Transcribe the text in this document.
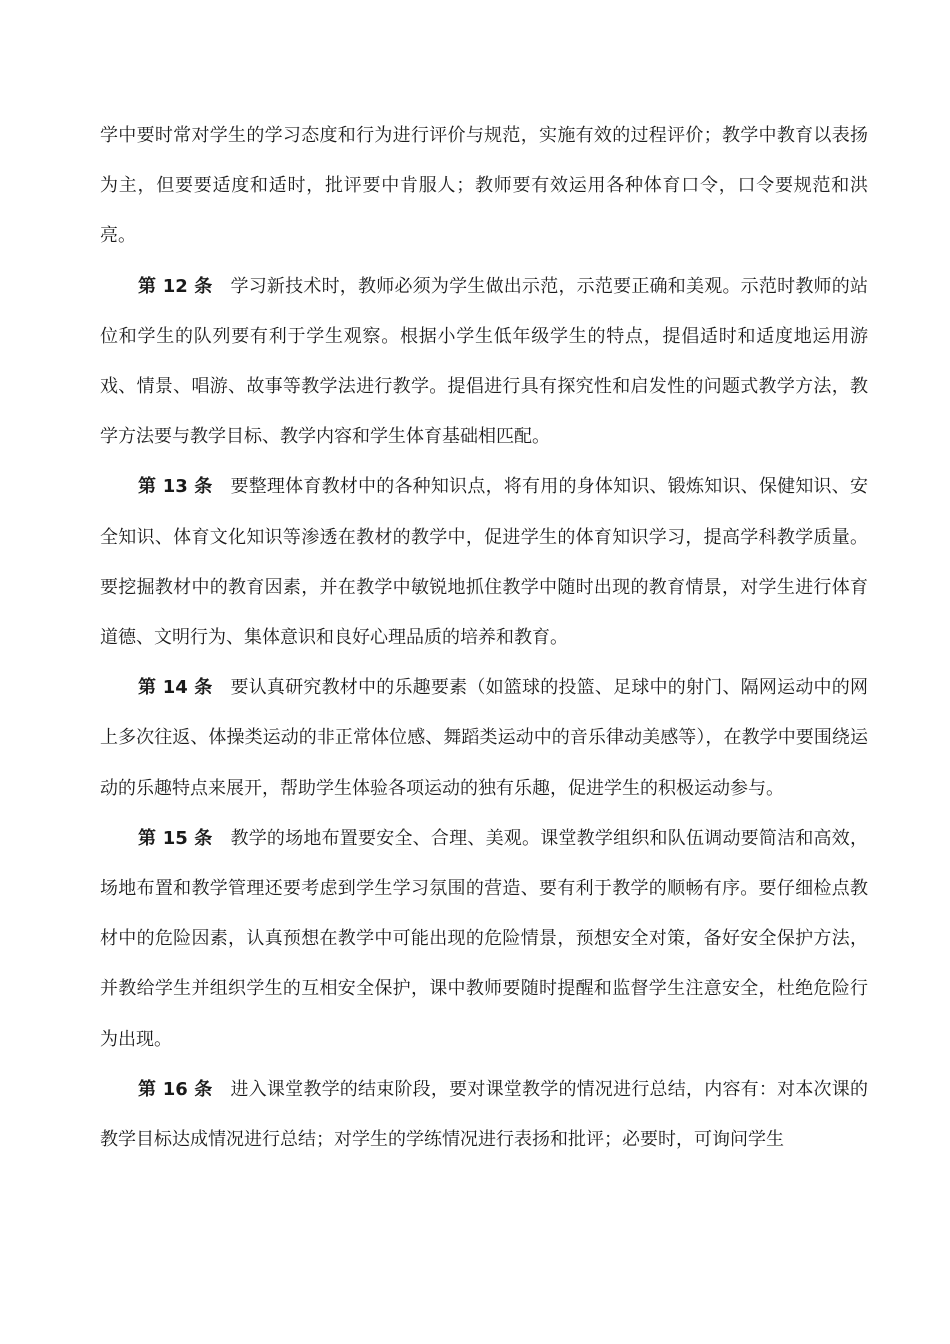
学中要时常对学生的学习态度和行为进行评价与规范，实施有效的过程评价；教学中教育以表扬为主，但要要适度和适时，批评要中肯服人；教师要有效运用各种体育口令，口令要规范和洪亮。

第 12 条 学习新技术时，教师必须为学生做出示范，示范要正确和美观。示范时教师的站位和学生的队列要有利于学生观察。根据小学生低年级学生的特点，提倡适时和适度地运用游戏、情景、唱游、故事等教学法进行教学。提倡进行具有探究性和启发性的问题式教学方法，教学方法要与教学目标、教学内容和学生体育基础相匹配。

第 13 条 要整理体育教材中的各种知识点，将有用的身体知识、锻炼知识、保健知识、安全知识、体育文化知识等渗透在教材的教学中，促进学生的体育知识学习，提高学科教学质量。要挖掘教材中的教育因素，并在教学中敏锐地抓住教学中随时出现的教育情景，对学生进行体育道德、文明行为、集体意识和良好心理品质的培养和教育。

第 14 条 要认真研究教材中的乐趣要素（如篮球的投篮、足球中的射门、隔网运动中的网上多次往返、体操类运动的非正常体位感、舞蹈类运动中的音乐律动美感等），在教学中要围绕运动的乐趣特点来展开，帮助学生体验各项运动的独有乐趣，促进学生的积极运动参与。

第 15 条 教学的场地布置要安全、合理、美观。课堂教学组织和队伍调动要简洁和高效，场地布置和教学管理还要考虑到学生学习氛围的营造、要有利于教学的顺畅有序。要仔细检点教材中的危险因素，认真预想在教学中可能出现的危险情景，预想安全对策，备好安全保护方法，并教给学生并组织学生的互相安全保护，课中教师要随时提醒和监督学生注意安全，杜绝危险行为出现。

第 16 条 进入课堂教学的结束阶段，要对课堂教学的情况进行总结，内容有：对本次课的教学目标达成情况进行总结；对学生的学练情况进行表扬和批评；必要时，可询问学生
